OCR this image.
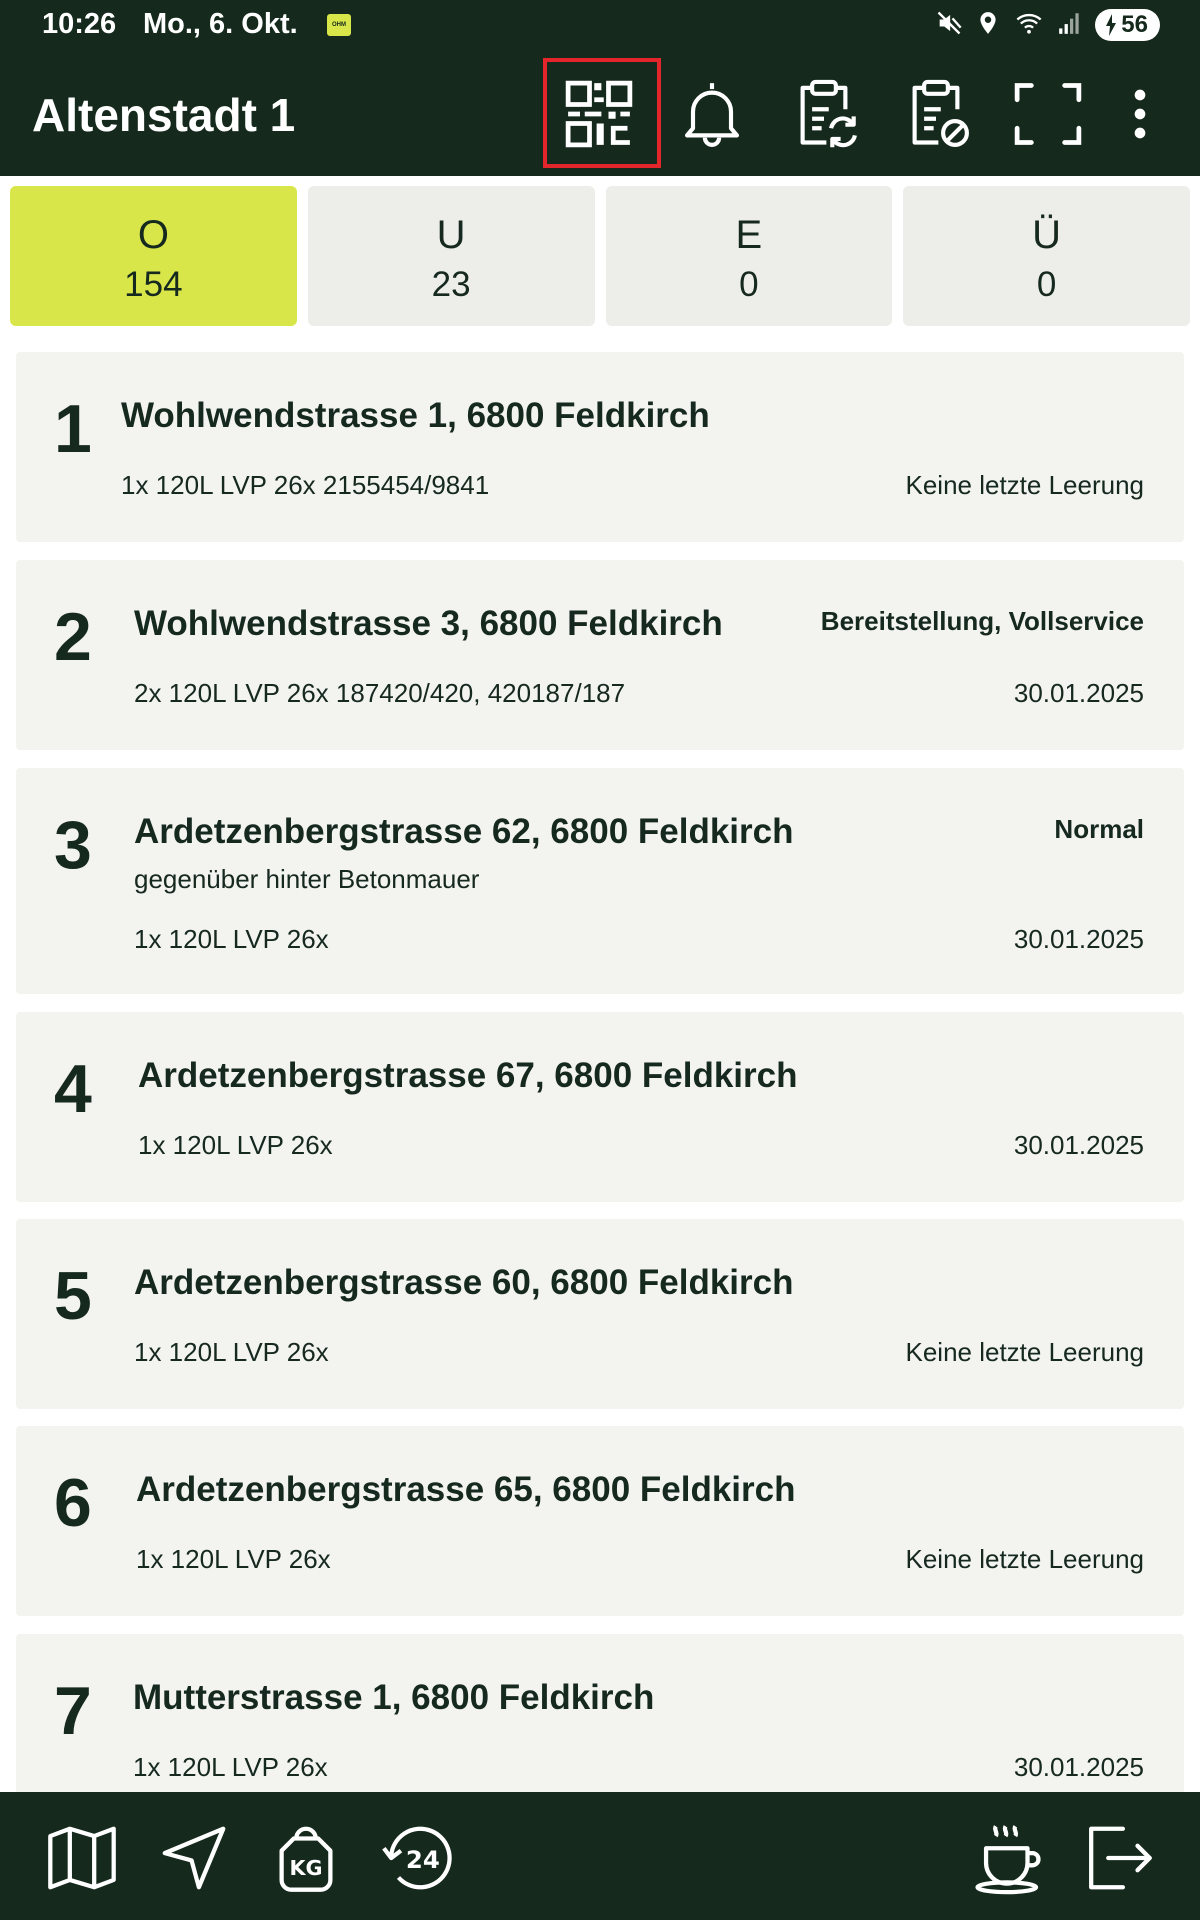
10:26 Mo., 6. Okt.	OHM	56
Altenstadt 1
O
154
U
23
E
0
Ü
0
1 Wohlwendstrasse 1, 6800 Feldkirch
1x 120L LVP 26x 2155454/9841	Keine letzte Leerung
2 Wohlwendstrasse 3, 6800 Feldkirch	Bereitstellung, Vollservice
2x 120L LVP 26x 187420/420, 420187/187	30.01.2025
3 Ardetzenbergstrasse 62, 6800 Feldkirch
gegenüber hinter Betonmauer
Normal
1x 120L LVP 26x	30.01.2025
4 Ardetzenbergstrasse 67, 6800 Feldkirch
1x 120L LVP 26x	30.01.2025
5 Ardetzenbergstrasse 60, 6800 Feldkirch
1x 120L LVP 26x	Keine letzte Leerung
6 Ardetzenbergstrasse 65, 6800 Feldkirch
1x 120L LVP 26x	Keine letzte Leerung
7 Mutterstrasse 1, 6800 Feldkirch
1x 120L LVP 26x	30.01.2025
KG	24
